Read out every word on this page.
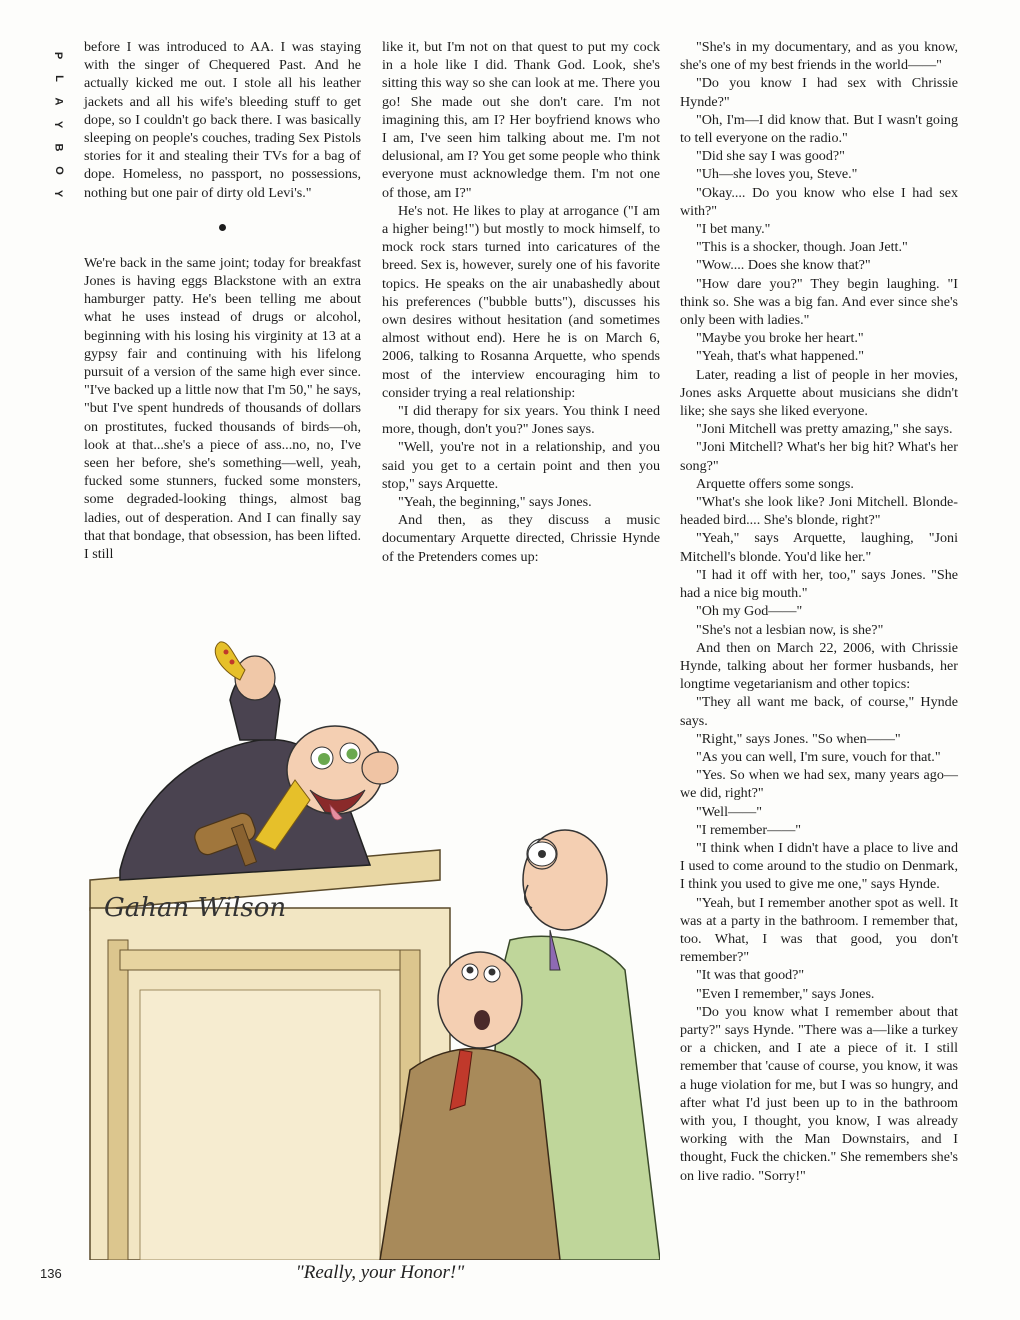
P
L
A
Y
B
O
Y

before I was introduced to AA. I was staying with the singer of Chequered Past. And he actually kicked me out. I stole all his leather jackets and all his wife's bleeding stuff to get dope, so I couldn't go back there. I was basically sleeping on people's couches, trading Sex Pistols stories for it and stealing their TVs for a bag of dope. Homeless, no passport, no possessions, nothing but one pair of dirty old Levi's."

We're back in the same joint; today for breakfast Jones is having eggs Blackstone with an extra hamburger patty. He's been telling me about what he uses instead of drugs or alcohol, beginning with his losing his virginity at 13 at a gypsy fair and continuing with his lifelong pursuit of a version of the same high ever since. "I've backed up a little now that I'm 50," he says, "but I've spent hundreds of thousands of dollars on prostitutes, fucked thousands of birds—oh, look at that...she's a piece of ass...no, no, I've seen her before, she's something—well, yeah, fucked some stunners, fucked some monsters, some degraded-looking things, almost bag ladies, out of desperation. And I can finally say that that bondage, that obsession, has been lifted. I still

like it, but I'm not on that quest to put my cock in a hole like I did. Thank God. Look, she's sitting this way so she can look at me. There you go! She made out she don't care. I'm not imagining this, am I? Her boyfriend knows who I am, I've seen him talking about me. I'm not delusional, am I? You get some people who think everyone must acknowledge them. I'm not one of those, am I?"

He's not. He likes to play at arrogance ("I am a higher being!") but mostly to mock himself, to mock rock stars turned into caricatures of the breed. Sex is, however, surely one of his favorite topics. He speaks on the air unabashedly about his preferences ("bubble butts"), discusses his own desires without hesitation (and sometimes almost without end). Here he is on March 6, 2006, talking to Rosanna Arquette, who spends most of the interview encouraging him to consider trying a real relationship:

"I did therapy for six years. You think I need more, though, don't you?" Jones says.

"Well, you're not in a relationship, and you said you get to a certain point and then you stop," says Arquette.

"Yeah, the beginning," says Jones.

And then, as they discuss a music documentary Arquette directed, Chrissie Hynde of the Pretenders comes up:

"She's in my documentary, and as you know, she's one of my best friends in the world——"

"Do you know I had sex with Chrissie Hynde?"

"Oh, I'm—I did know that. But I wasn't going to tell everyone on the radio."

"Did she say I was good?"

"Uh—she loves you, Steve."

"Okay.... Do you know who else I had sex with?"

"I bet many."

"This is a shocker, though. Joan Jett."

"Wow.... Does she know that?"

"How dare you?" They begin laughing. "I think so. She was a big fan. And ever since she's only been with ladies."

"Maybe you broke her heart."

"Yeah, that's what happened."

Later, reading a list of people in her movies, Jones asks Arquette about musicians she didn't like; she says she liked everyone.

"Joni Mitchell was pretty amazing," she says.

"Joni Mitchell? What's her big hit? What's her song?"

Arquette offers some songs.

"What's she look like? Joni Mitchell. Blonde-headed bird.... She's blonde, right?"

"Yeah," says Arquette, laughing, "Joni Mitchell's blonde. You'd like her."

"I had it off with her, too," says Jones. "She had a nice big mouth."

"Oh my God——"

"She's not a lesbian now, is she?"

And then on March 22, 2006, with Chrissie Hynde, talking about her former husbands, her longtime vegetarianism and other topics:

"They all want me back, of course," Hynde says.

"Right," says Jones. "So when——"

"As you can well, I'm sure, vouch for that."

"Yes. So when we had sex, many years ago—we did, right?"

"Well——"

"I remember——"

"I think when I didn't have a place to live and I used to come around to the studio on Denmark, I think you used to give me one," says Hynde.

"Yeah, but I remember another spot as well. It was at a party in the bathroom. I remember that, too. What, I was that good, you don't remember?"

"It was that good?"

"Even I remember," says Jones.

"Do you know what I remember about that party?" says Hynde. "There was a—like a turkey or a chicken, and I ate a piece of it. I still remember that 'cause of course, you know, it was a huge violation for me, but I was so hungry, and after what I'd just been up to in the bathroom with you, I thought, you know, I was already working with the Man Downstairs, and I thought, Fuck the chicken." She remembers she's on live radio. "Sorry!"

Gahan Wilson
"Really, your Honor!"
136
